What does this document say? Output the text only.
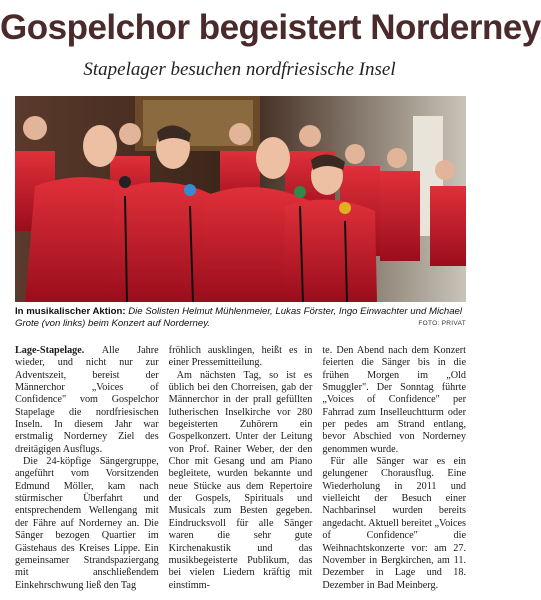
Gospelchor begeistert Norderney
Stapelager besuchen nordfriesische Insel
In musikalischer Aktion: Die Solisten Helmut Mühlenmeier, Lukas Förster, Ingo Einwachter und Michael Grote (von links) beim Konzert auf Norderney.	FOTO: PRIVAT

Lage-Stapelage. Alle Jahre wieder, und nicht nur zur Adventszeit, bereist der Männerchor „Voices of Confidence" vom Gospelchor Stapelage die nordfriesischen Inseln. In diesem Jahr war erstmalig Norderney Ziel des dreitägigen Ausflugs.

Die 24-köpfige Sängergruppe, angeführt vom Vorsitzenden Edmund Möller, kam nach stürmischer Überfahrt und entsprechendem Wellengang mit der Fähre auf Norderney an. Die Sänger bezogen Quartier im Gästehaus des Kreises Lippe. Ein gemeinsamer Strandspaziergang mit anschließendem Einkehrschwung ließ den Tag

fröhlich ausklingen, heißt es in einer Pressemitteilung.

Am nächsten Tag, so ist es üblich bei den Chorreisen, gab der Männerchor in der prall gefüllten lutherischen Inselkirche vor 280 begeisterten Zuhörern ein Gospelkonzert. Unter der Leitung von Prof. Rainer Weber, der den Chor mit Gesang und am Piano begleitete, wurden bekannte und neue Stücke aus dem Repertoire der Gospels, Spirituals und Musicals zum Besten gegeben. Eindrucksvoll für alle Sänger waren die sehr gute Kirchenakustik und das musikbegeisterte Publikum, das bei vielen Liedern kräftig mit einstimm-

te. Den Abend nach dem Konzert feierten die Sänger bis in die frühen Morgen im „Old Smuggler". Der Sonntag führte „Voices of Confidence" per Fahrrad zum Inselleuchtturm oder per pedes am Strand entlang, bevor Abschied von Norderney genommen wurde.

Für alle Sänger war es ein gelungener Chorausflug. Eine Wiederholung in 2011 und vielleicht der Besuch einer Nachbarinsel wurden bereits angedacht. Aktuell bereitet „Voices of Confidence" die Weihnachtskonzerte vor: am 27. November in Bergkirchen, am 11. Dezember in Lage und 18. Dezember in Bad Meinberg.
